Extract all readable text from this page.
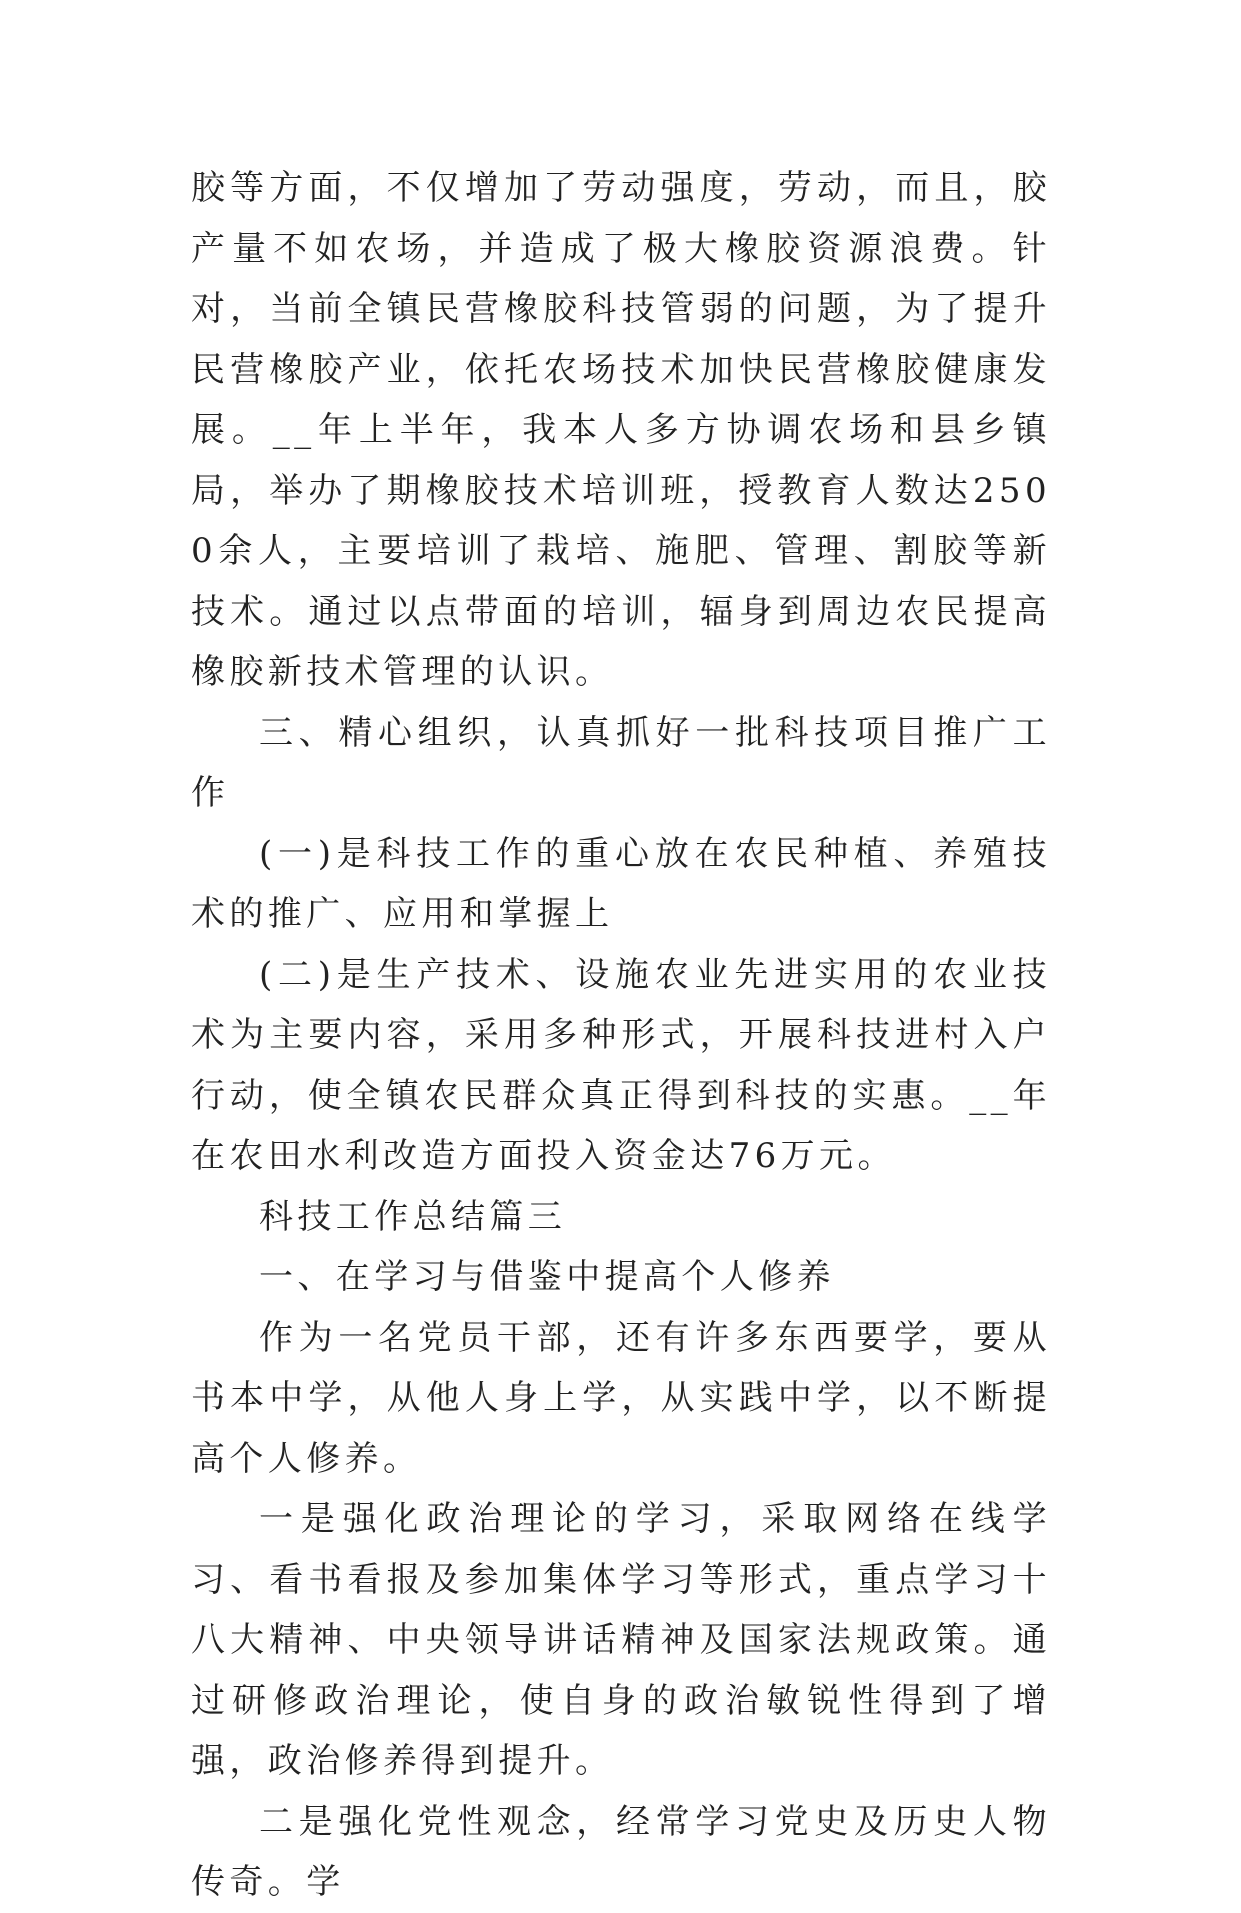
胶等方面，不仅增加了劳动强度，劳动，而且，胶产量不如农场，并造成了极大橡胶资源浪费。针对，当前全镇民营橡胶科技管弱的问题，为了提升民营橡胶产业，依托农场技术加快民营橡胶健康发展。__年上半年，我本人多方协调农场和县乡镇局，举办了期橡胶技术培训班，授教育人数达2500余人，主要培训了栽培、施肥、管理、割胶等新技术。通过以点带面的培训，辐身到周边农民提高橡胶新技术管理的认识。

三、精心组织，认真抓好一批科技项目推广工作

(一)是科技工作的重心放在农民种植、养殖技术的推广、应用和掌握上

(二)是生产技术、设施农业先进实用的农业技术为主要内容，采用多种形式，开展科技进村入户行动，使全镇农民群众真正得到科技的实惠。__年在农田水利改造方面投入资金达76万元。

科技工作总结篇三

一、在学习与借鉴中提高个人修养

作为一名党员干部，还有许多东西要学，要从书本中学，从他人身上学，从实践中学，以不断提高个人修养。

一是强化政治理论的学习，采取网络在线学习、看书看报及参加集体学习等形式，重点学习十八大精神、中央领导讲话精神及国家法规政策。通过研修政治理论，使自身的政治敏锐性得到了增强，政治修养得到提升。

二是强化党性观念，经常学习党史及历史人物传奇。学
